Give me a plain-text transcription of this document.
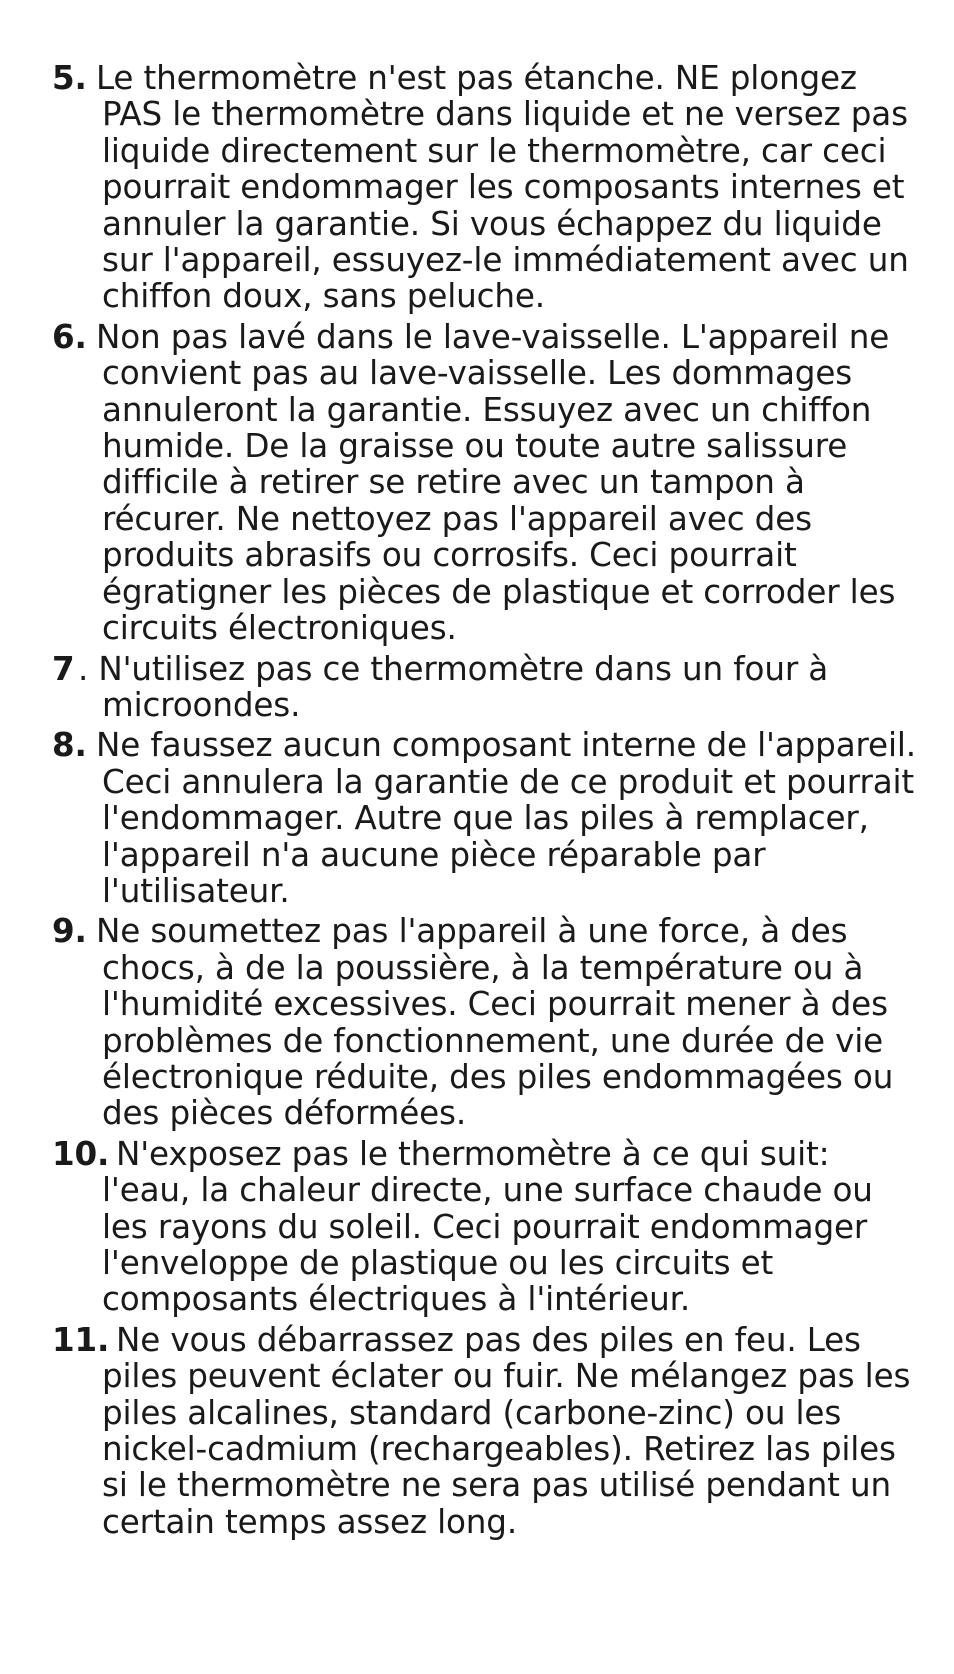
5. Le thermomètre n'est pas étanche. NE plongez PAS le thermomètre dans liquide et ne versez pas liquide directement sur le thermomètre, car ceci pourrait endommager les composants internes et annuler la garantie. Si vous échappez du liquide sur l'appareil, essuyez-le immédiatement avec un chiffon doux, sans peluche.
6. Non pas lavé dans le lave-vaisselle. L'appareil ne convient pas au lave-vaisselle. Les dommages annuleront la garantie. Essuyez avec un chiffon humide. De la graisse ou toute autre salissure difficile à retirer se retire avec un tampon à récurer. Ne nettoyez pas l'appareil avec des produits abrasifs ou corrosifs. Ceci pourrait égratigner les pièces de plastique et corroder les circuits électroniques.
7 . N'utilisez pas ce thermomètre dans un four à microondes.
8. Ne faussez aucun composant interne de l'appareil. Ceci annulera la garantie de ce produit et pourrait l'endommager. Autre que las piles à remplacer, l'appareil n'a aucune pièce réparable par l'utilisateur.
9. Ne soumettez pas l'appareil à une force, à des chocs, à de la poussière, à la température ou à l'humidité excessives. Ceci pourrait mener à des problèmes de fonctionnement, une durée de vie électronique réduite, des piles endommagées ou des pièces déformées.
10. N'exposez pas le thermomètre à ce qui suit: l'eau, la chaleur directe, une surface chaude ou les rayons du soleil. Ceci pourrait endommager l'enveloppe de plastique ou les circuits et composants électriques à l'intérieur.
11. Ne vous débarrassez pas des piles en feu. Les piles peuvent éclater ou fuir. Ne mélangez pas les piles alcalines, standard (carbone-zinc) ou les nickel-cadmium (rechargeables). Retirez las piles si le thermomètre ne sera pas utilisé pendant un certain temps assez long.
